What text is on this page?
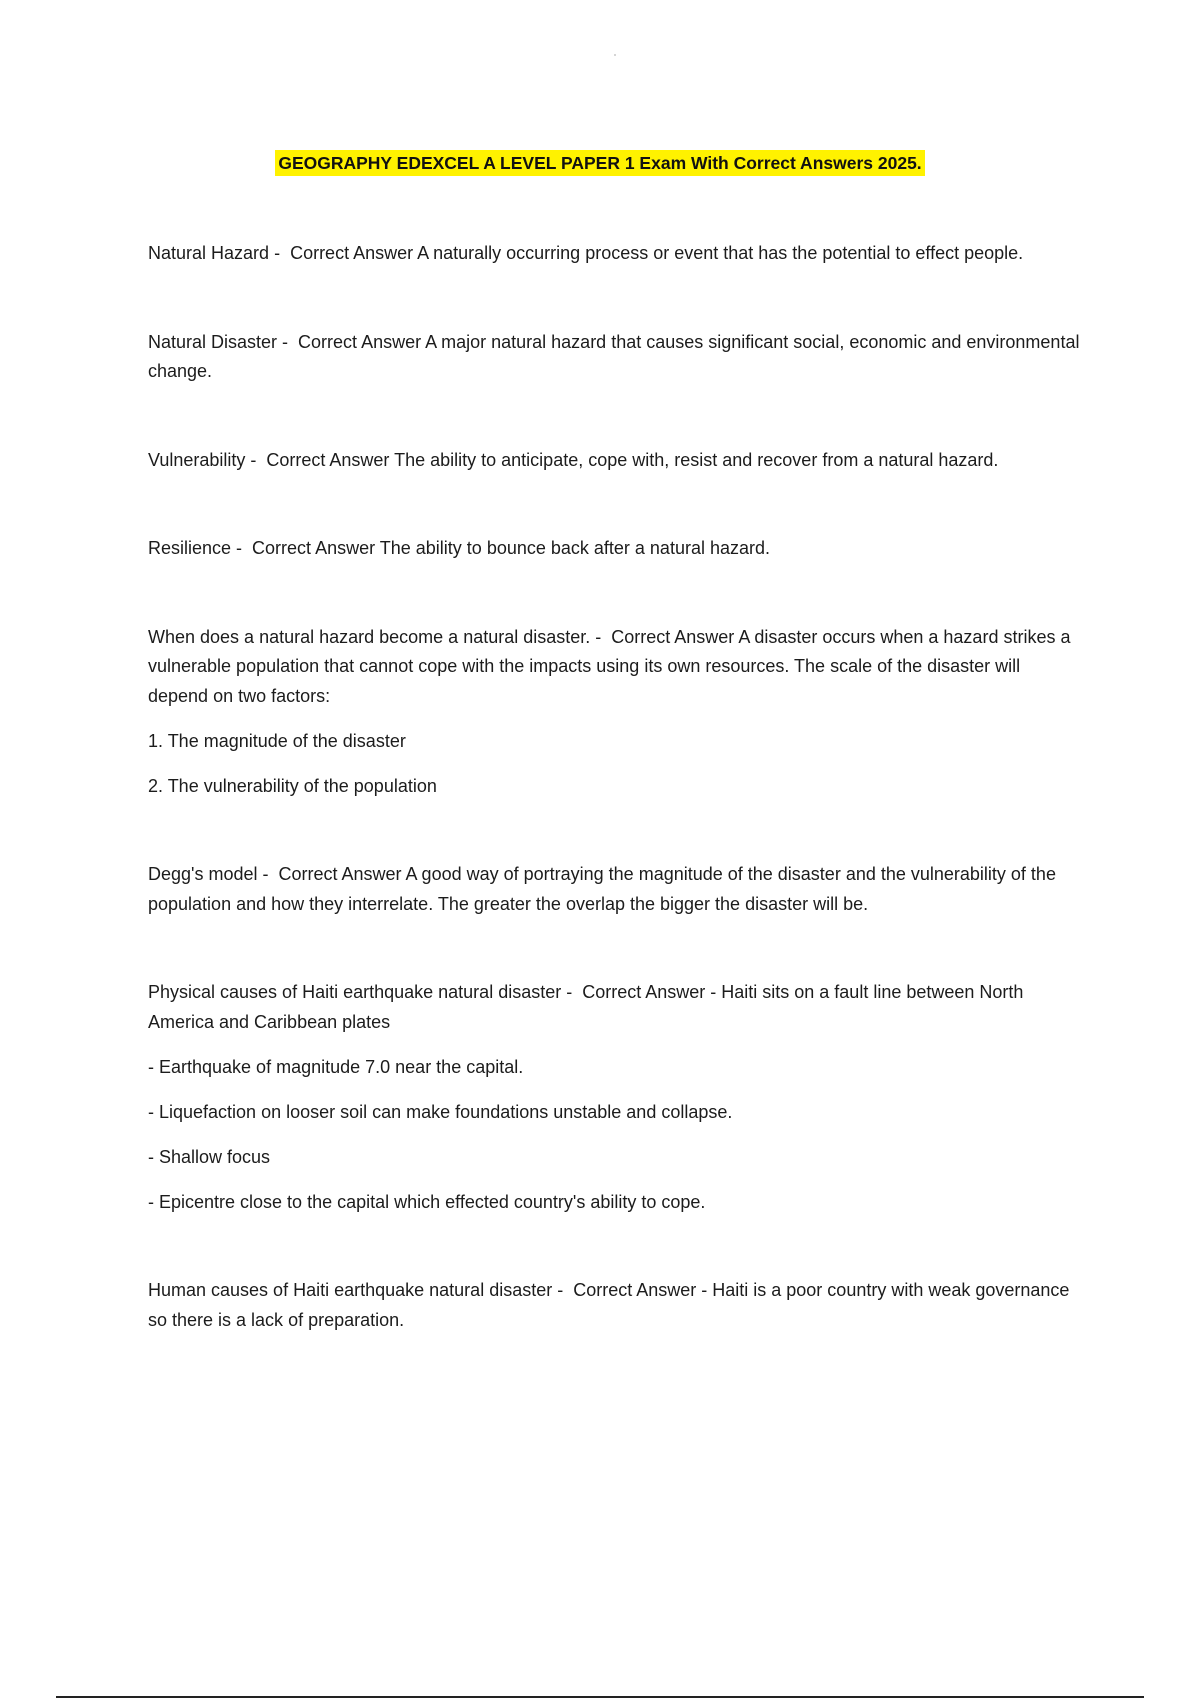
GEOGRAPHY EDEXCEL A LEVEL PAPER 1 Exam With Correct Answers 2025.

Natural Hazard -  Correct Answer A naturally occurring process or event that has the potential to effect people.

Natural Disaster -  Correct Answer A major natural hazard that causes significant social, economic and environmental change.

Vulnerability -  Correct Answer The ability to anticipate, cope with, resist and recover from a natural hazard.

Resilience -  Correct Answer The ability to bounce back after a natural hazard.

When does a natural hazard become a natural disaster. -  Correct Answer A disaster occurs when a hazard strikes a vulnerable population that cannot cope with the impacts using its own resources. The scale of the disaster will depend on two factors:

1. The magnitude of the disaster

2. The vulnerability of the population

Degg's model -  Correct Answer A good way of portraying the magnitude of the disaster and the vulnerability of the population and how they interrelate. The greater the overlap the bigger the disaster will be.

Physical causes of Haiti earthquake natural disaster -  Correct Answer - Haiti sits on a fault line between North America and Caribbean plates

- Earthquake of magnitude 7.0 near the capital.

- Liquefaction on looser soil can make foundations unstable and collapse.

- Shallow focus

- Epicentre close to the capital which effected country's ability to cope.

Human causes of Haiti earthquake natural disaster -  Correct Answer - Haiti is a poor country with weak governance so there is a lack of preparation.
